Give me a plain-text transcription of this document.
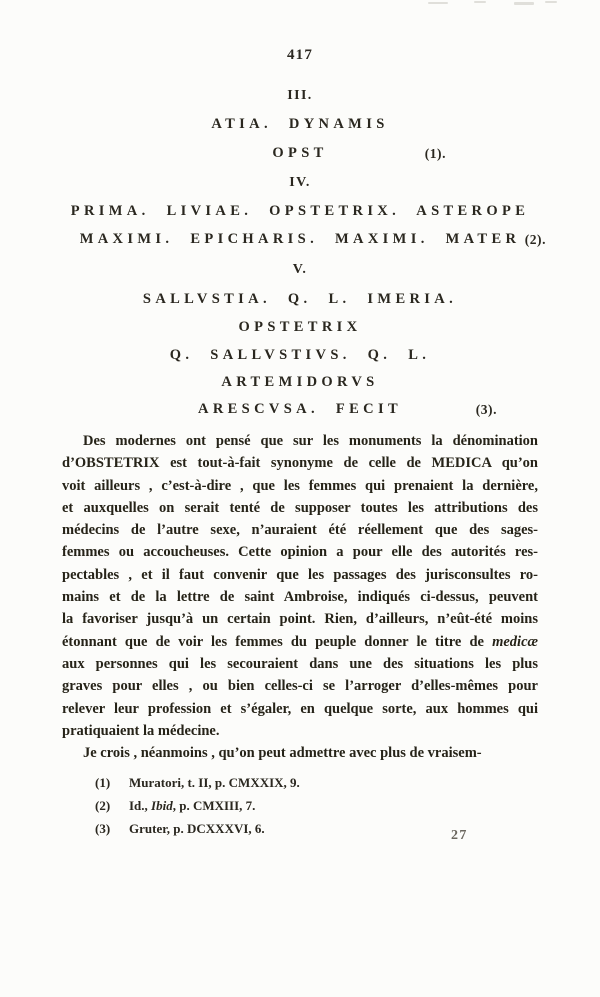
417
III.
ATIA. DYNAMIS
OPST	(1).
IV.
PRIMA. LIVIAE. OPSTETRIX. ASTEROPE
MAXIMI. EPICHARIS. MAXIMI. MATER (2).
V.
SALLVSTIA. Q. L. IMERIA.
OPSTETRIX
Q. SALLVSTIVS. Q. L.
ARTEMIDORVS
ARESCVSA. FECIT	(3).
Des modernes ont pensé que sur les monuments la dénomination
d’OBSTETRIX est tout-à-fait synonyme de celle de MEDICA qu’on
voit ailleurs , c’est-à-dire , que les femmes qui prenaient la dernière,
et auxquelles on serait tenté de supposer toutes les attributions des
médecins de l’autre sexe, n’auraient été réellement que des sages-
femmes ou accoucheuses. Cette opinion a pour elle des autorités res-
pectables , et il faut convenir que les passages des jurisconsultes ro-
mains et de la lettre de saint Ambroise, indiqués ci-dessus, peuvent
la favoriser jusqu’à un certain point. Rien, d’ailleurs, n’eût-été moins
étonnant que de voir les femmes du peuple donner le titre de medicæ
aux personnes qui les secouraient dans une des situations les plus
graves pour elles , ou bien celles-ci se l’arroger d’elles-mêmes pour
relever leur profession et s’égaler, en quelque sorte, aux hommes qui
pratiquaient la médecine.
Je crois , néanmoins , qu’on peut admettre avec plus de vraisem-
(1)	Muratori, t. II, p. CMXXIX, 9.
(2)	Id., Ibid, p. CMXIII, 7.
(3)	Gruter, p. DCXXXVI, 6.	27
